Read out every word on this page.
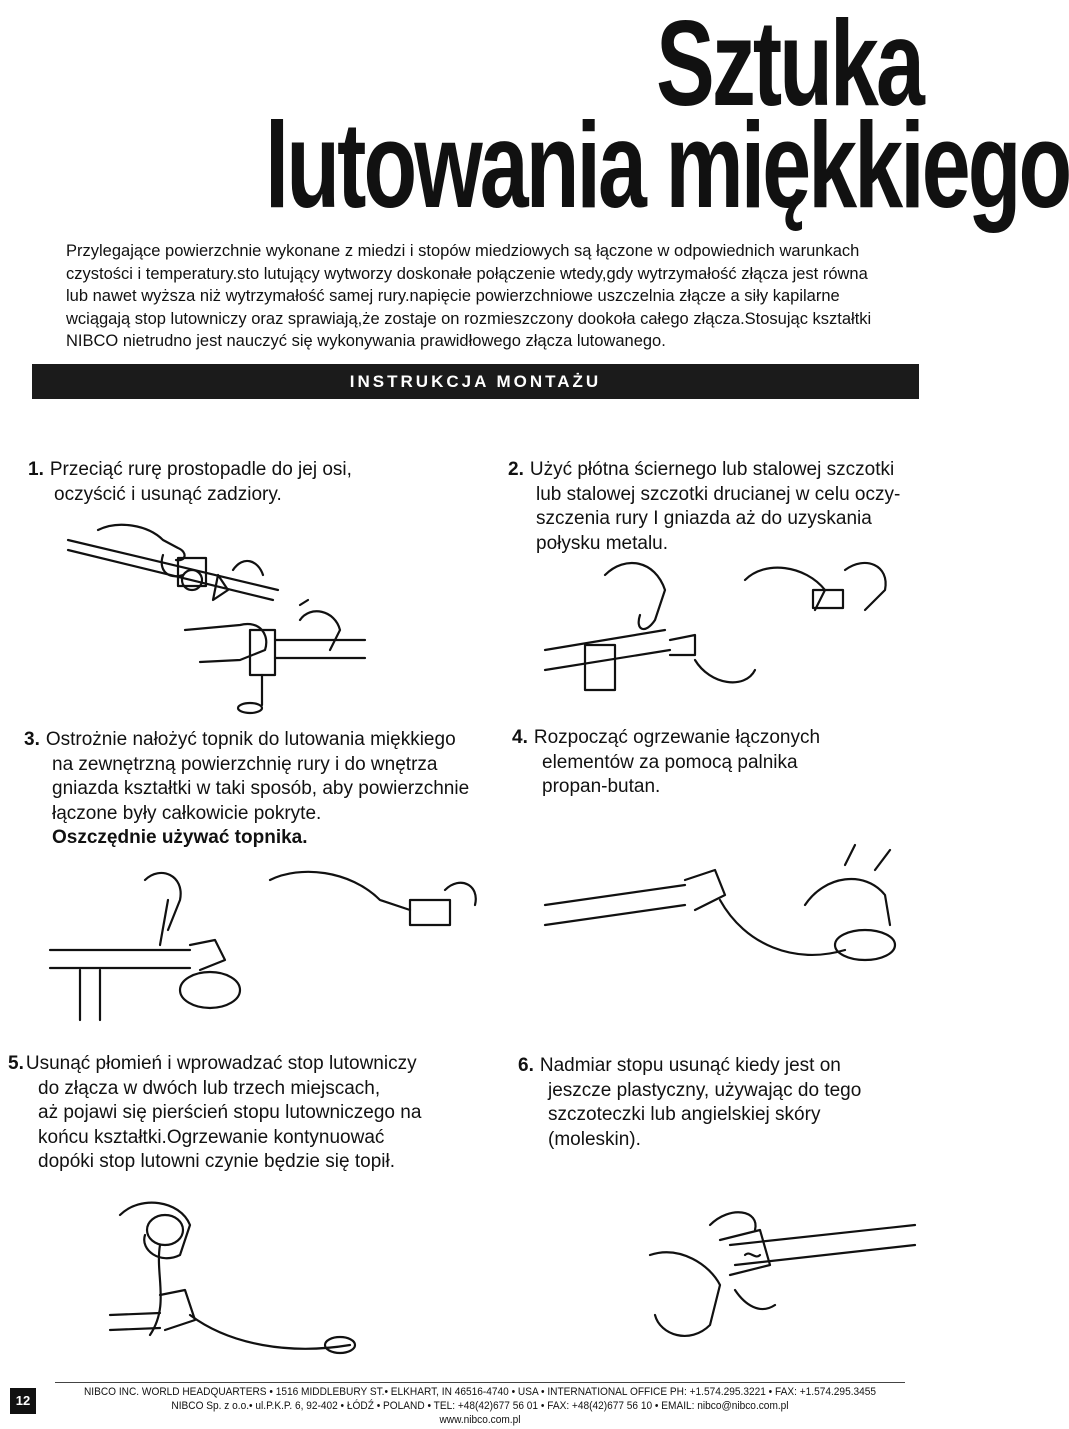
Sztuka
lutowania miękkiego

Przylegające powierzchnie wykonane z miedzi i stopów miedziowych są łączone w odpowiednich warunkach

czystości i temperatury.sto lutujący wytworzy doskonałe połączenie wtedy,gdy wytrzymałość złącza jest równa

lub nawet wyższa niż wytrzymałość samej rury.napięcie powierzchniowe uszczelnia złącze a siły kapilarne

wciągają stop lutowniczy oraz sprawiają,że zostaje on rozmieszczony dookoła całego złącza.Stosując kształtki

NIBCO nietrudno jest nauczyć się wykonywania prawidłowego złącza lutowanego.

INSTRUKCJA MONTAŻU

1. Przeciąć rurę prostopadle do jej osi,

oczyścić i usunąć zadziory.

2. Użyć płótna ściernego lub stalowej szczotki

lub stalowej szczotki drucianej w celu oczy-

szczenia rury I gniazda aż do uzyskania

połysku metalu.

3. Ostrożnie nałożyć topnik do lutowania miękkiego

na zewnętrzną powierzchnię rury i do wnętrza

gniazda kształtki w taki sposób, aby powierzchnie

łączone były całkowicie pokryte.

Oszczędnie używać topnika.

4. Rozpocząć ogrzewanie łączonych

elementów za pomocą palnika

propan-butan.

5. Usunąć płomień i wprowadzać stop lutowniczy

do złącza w dwóch lub trzech miejscach,

aż pojawi się pierścień stopu lutowniczego na

końcu kształtki.Ogrzewanie kontynuować

dopóki stop lutowni czynie będzie się topił.

6. Nadmiar stopu usunąć kiedy jest on

jeszcze plastyczny, używając do tego

szczoteczki lub angielskiej skóry

(moleskin).

12
NIBCO INC. WORLD HEADQUARTERS • 1516 MIDDLEBURY ST.• ELKHART, IN 46516-4740 • USA • INTERNATIONAL OFFICE PH: +1.574.295.3221 • FAX: +1.574.295.3455
NIBCO Sp. z o.o.• ul.P.K.P. 6, 92-402 • ŁÓDŹ • POLAND • TEL: +48(42)677 56 01 • FAX: +48(42)677 56 10 • EMAIL: nibco@nibco.com.pl
www.nibco.com.pl
